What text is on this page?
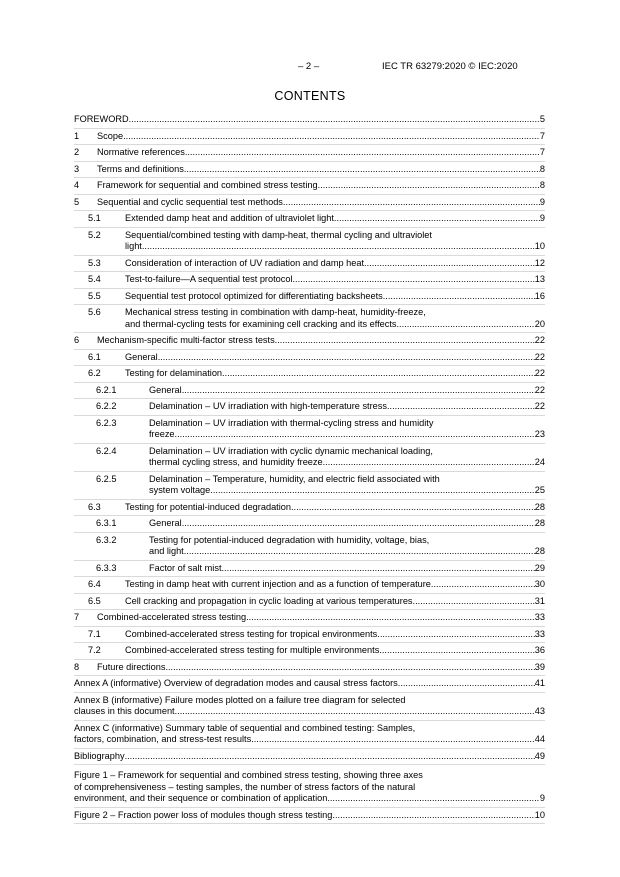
– 2 –	IEC TR 63279:2020 © IEC:2020
CONTENTS
FOREWORD .....	5
1 Scope .....	7
2 Normative references .....	7
3 Terms and definitions .....	8
4 Framework for sequential and combined stress testing .....	8
5 Sequential and cyclic sequential test methods .....	9
5.1	Extended damp heat and addition of ultraviolet light .....	9
5.2	Sequential/combined testing with damp-heat, thermal cycling and ultraviolet
light .....	10
5.3	Consideration of interaction of UV radiation and damp heat .....	12
5.4	Test-to-failure—A sequential test protocol .....	13
5.5	Sequential test protocol optimized for differentiating backsheets .....	16
5.6	Mechanical stress testing in combination with damp-heat, humidity-freeze,
and thermal-cycling tests for examining cell cracking and its effects .....	20
6 Mechanism-specific multi-factor stress tests .....	22
6.1	General .....	22
6.2	Testing for delamination .....	22
6.2.1	General .....	22
6.2.2	Delamination – UV irradiation with high-temperature stress .....	22
6.2.3	Delamination – UV irradiation with thermal-cycling stress and humidity
freeze .....	23
6.2.4	Delamination – UV irradiation with cyclic dynamic mechanical loading,
thermal cycling stress, and humidity freeze .....	24
6.2.5	Delamination – Temperature, humidity, and electric field associated with
system voltage .....	25
6.3	Testing for potential-induced degradation .....	28
6.3.1	General .....	28
6.3.2	Testing for potential-induced degradation with humidity, voltage, bias,
and light .....	28
6.3.3	Factor of salt mist .....	29
6.4	Testing in damp heat with current injection and as a function of temperature .....	30
6.5	Cell cracking and propagation in cyclic loading at various temperatures .....	31
7 Combined-accelerated stress testing .....	33
7.1	Combined-accelerated stress testing for tropical environments .....	33
7.2	Combined-accelerated stress testing for multiple environments .....	36
8 Future directions .....	39
Annex A (informative) Overview of degradation modes and causal stress factors .....	41
Annex B (informative) Failure modes plotted on a failure tree diagram for selected
clauses in this document .....	43
Annex C (informative) Summary table of sequential and combined testing: Samples,
factors, combination, and stress-test results .....	44
Bibliography .....	49
Figure 1 – Framework for sequential and combined stress testing, showing three axes
of comprehensiveness – testing samples, the number of stress factors of the natural
environment, and their sequence or combination of application .....	9
Figure 2 – Fraction power loss of modules though stress testing .....	10
